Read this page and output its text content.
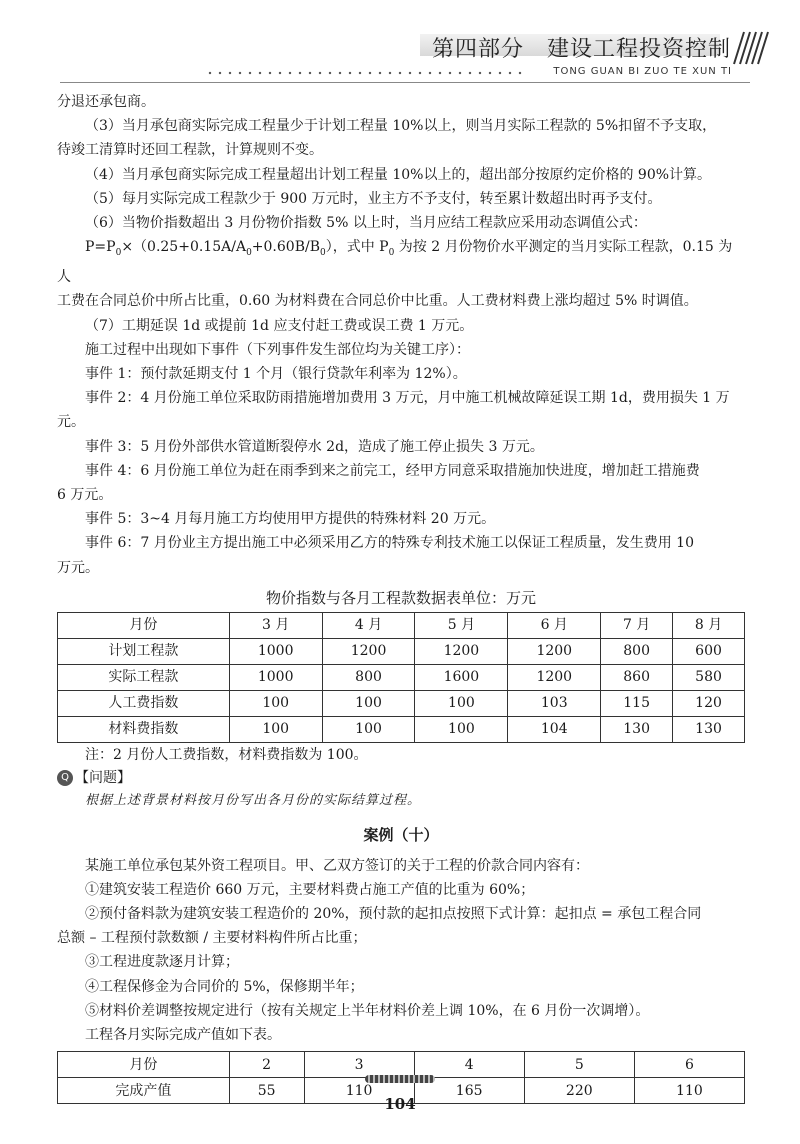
第四部分　建设工程投资控制
TONG GUAN BI ZUO TE XUN TI

分退还承包商。

（3）当月承包商实际完成工程量少于计划工程量 10%以上，则当月实际工程款的 5%扣留不予支取，

待竣工清算时还回工程款，计算规则不变。

（4）当月承包商实际完成工程量超出计划工程量 10%以上的，超出部分按原约定价格的 90%计算。

（5）每月实际完成工程款少于 900 万元时，业主方不予支付，转至累计数超出时再予支付。

（6）当物价指数超出 3 月份物价指数 5% 以上时，当月应结工程款应采用动态调值公式：

$P=P_0\times(0.25+0.15A/A_0+0.60B/B_0)$，式中 $P_0$ 为按 2 月份物价水平测定的当月实际工程款，0.15 为人

工费在合同总价中所占比重，0.60 为材料费在合同总价中比重。人工费材料费上涨均超过 5% 时调值。

（7）工期延误 1d 或提前 1d 应支付赶工费或误工费 1 万元。

施工过程中出现如下事件（下列事件发生部位均为关键工序）：

事件 1：预付款延期支付 1 个月（银行贷款年利率为 12%）。

事件 2：4 月份施工单位采取防雨措施增加费用 3 万元，月中施工机械故障延误工期 1d，费用损失 1 万元。

事件 3：5 月份外部供水管道断裂停水 2d，造成了施工停止损失 3 万元。

事件 4：6 月份施工单位为赶在雨季到来之前完工，经甲方同意采取措施加快进度，增加赶工措施费

6 万元。

事件 5：3~4 月每月施工方均使用甲方提供的特殊材料 20 万元。

事件 6：7 月份业主方提出施工中必须采用乙方的特殊专利技术施工以保证工程质量，发生费用 10

万元。

物价指数与各月工程款数据表单位：万元
月份	3 月	4 月	5 月	6 月	7 月	8 月
计划工程款	1000	1200	1200	1200	800	600
实际工程款	1000	800	1600	1200	860	580
人工费指数	100	100	100	103	115	120
材料费指数	100	100	100	104	130	130

注：2 月份人工费指数，材料费指数为 100。

Q 【问题】

根据上述背景材料按月份写出各月份的实际结算过程。

案例（十）

某施工单位承包某外资工程项目。甲、乙双方签订的关于工程的价款合同内容有：

①建筑安装工程造价 660 万元，主要材料费占施工产值的比重为 60%；

②预付备料款为建筑安装工程造价的 20%，预付款的起扣点按照下式计算：起扣点 = 承包工程合同

总额 – 工程预付款数额 / 主要材料构件所占比重；

③工程进度款逐月计算；

④工程保修金为合同价的 5%，保修期半年；

⑤材料价差调整按规定进行（按有关规定上半年材料价差上调 10%，在 6 月份一次调增）。

工程各月实际完成产值如下表。

月份	2	3	4	5	6
完成产值	55	110	165	220	110
104
